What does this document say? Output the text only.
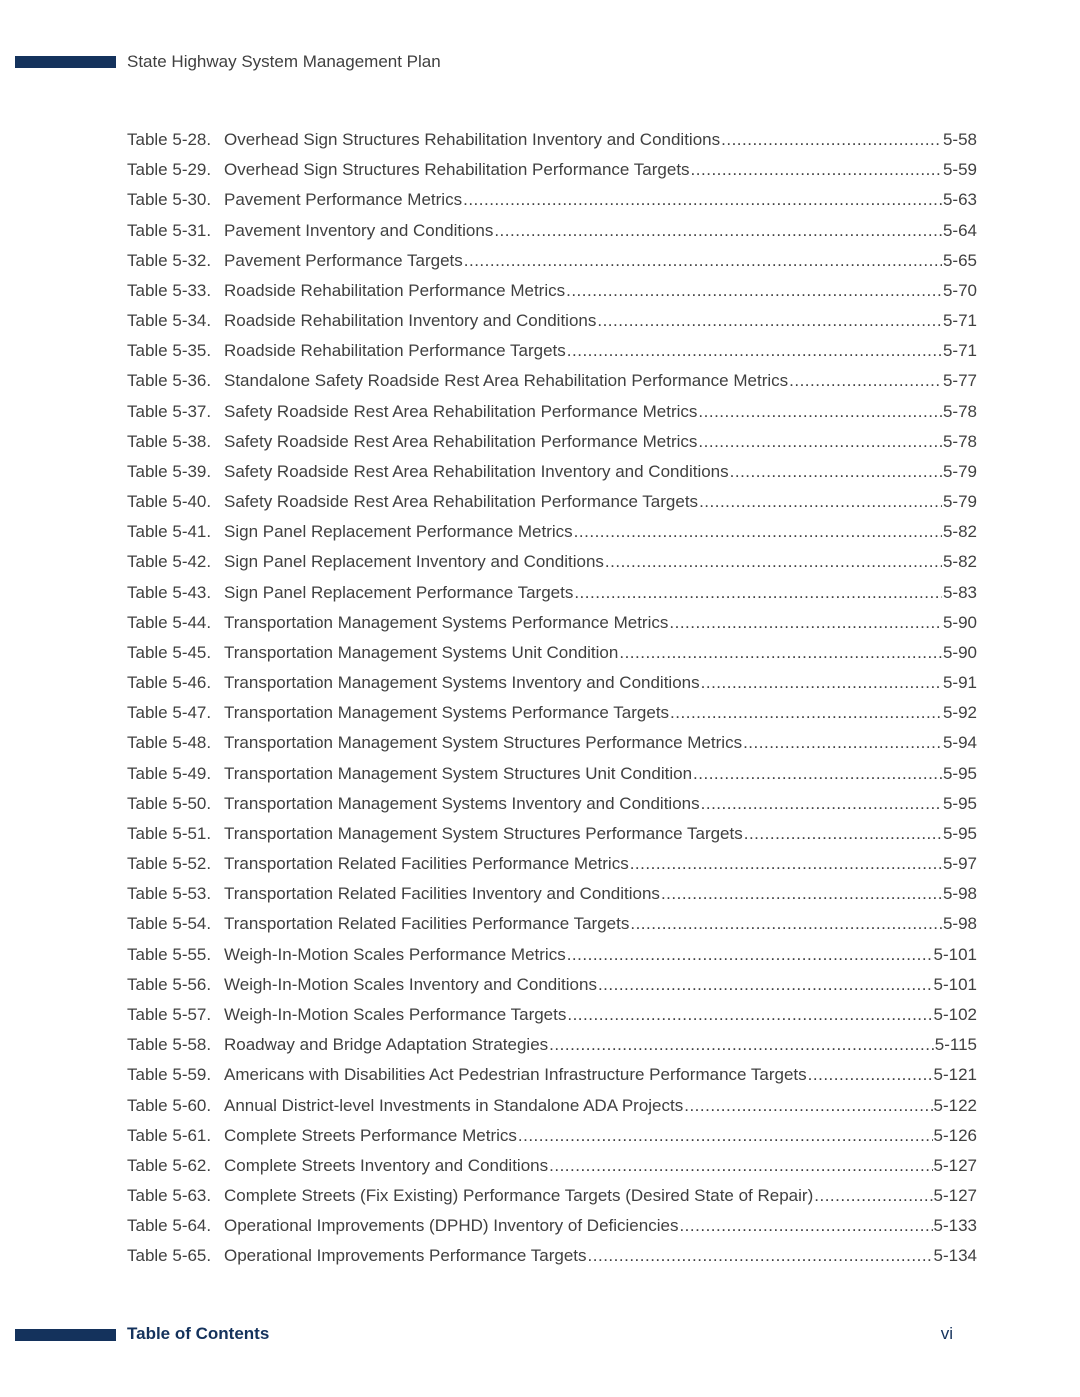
State Highway System Management Plan
Table 5-28. Overhead Sign Structures Rehabilitation Inventory and Conditions .....	5-58
Table 5-29. Overhead Sign Structures Rehabilitation Performance Targets .....	5-59
Table 5-30. Pavement Performance Metrics .....	5-63
Table 5-31. Pavement Inventory and Conditions .....	5-64
Table 5-32. Pavement Performance Targets .....	5-65
Table 5-33. Roadside Rehabilitation Performance Metrics .....	5-70
Table 5-34. Roadside Rehabilitation Inventory and Conditions .....	5-71
Table 5-35. Roadside Rehabilitation Performance Targets .....	5-71
Table 5-36. Standalone Safety Roadside Rest Area Rehabilitation Performance Metrics .....	5-77
Table 5-37. Safety Roadside Rest Area Rehabilitation Performance Metrics .....	5-78
Table 5-38. Safety Roadside Rest Area Rehabilitation Performance Metrics .....	5-78
Table 5-39. Safety Roadside Rest Area Rehabilitation Inventory and Conditions .....	5-79
Table 5-40. Safety Roadside Rest Area Rehabilitation Performance Targets .....	5-79
Table 5-41. Sign Panel Replacement Performance Metrics .....	5-82
Table 5-42. Sign Panel Replacement Inventory and Conditions .....	5-82
Table 5-43. Sign Panel Replacement Performance Targets .....	5-83
Table 5-44. Transportation Management Systems Performance Metrics .....	5-90
Table 5-45. Transportation Management Systems Unit Condition .....	5-90
Table 5-46. Transportation Management Systems Inventory and Conditions .....	5-91
Table 5-47. Transportation Management Systems Performance Targets .....	5-92
Table 5-48. Transportation Management System Structures Performance Metrics .....	5-94
Table 5-49. Transportation Management System Structures Unit Condition .....	5-95
Table 5-50. Transportation Management Systems Inventory and Conditions .....	5-95
Table 5-51. Transportation Management System Structures Performance Targets .....	5-95
Table 5-52. Transportation Related Facilities Performance Metrics .....	5-97
Table 5-53. Transportation Related Facilities Inventory and Conditions .....	5-98
Table 5-54. Transportation Related Facilities Performance Targets .....	5-98
Table 5-55. Weigh-In-Motion Scales Performance Metrics .....	5-101
Table 5-56. Weigh-In-Motion Scales Inventory and Conditions .....	5-101
Table 5-57. Weigh-In-Motion Scales Performance Targets .....	5-102
Table 5-58. Roadway and Bridge Adaptation Strategies .....	5-115
Table 5-59. Americans with Disabilities Act Pedestrian Infrastructure Performance Targets .....	5-121
Table 5-60. Annual District-level Investments in Standalone ADA Projects .....	5-122
Table 5-61. Complete Streets Performance Metrics .....	5-126
Table 5-62. Complete Streets Inventory and Conditions .....	5-127
Table 5-63. Complete Streets (Fix Existing) Performance Targets (Desired State of Repair) .....	5-127
Table 5-64. Operational Improvements (DPHD) Inventory of Deficiencies .....	5-133
Table 5-65. Operational Improvements Performance Targets .....	5-134
Table of Contents	vi
